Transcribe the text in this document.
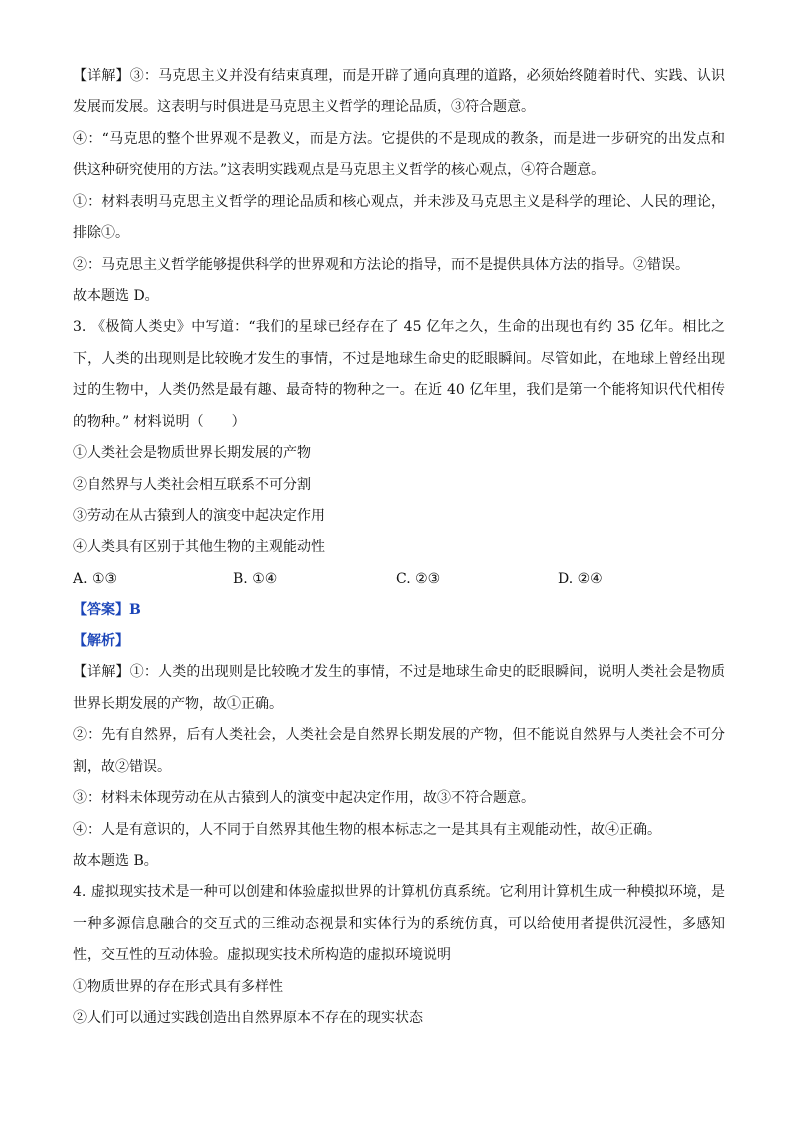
【详解】③：马克思主义并没有结束真理，而是开辟了通向真理的道路，必须始终随着时代、实践、认识
发展而发展。这表明与时俱进是马克思主义哲学的理论品质，③符合题意。
④：“马克思的整个世界观不是教义，而是方法。它提供的不是现成的教条，而是进一步研究的出发点和
供这种研究使用的方法。”这表明实践观点是马克思主义哲学的核心观点，④符合题意。
①：材料表明马克思主义哲学的理论品质和核心观点，并未涉及马克思主义是科学的理论、人民的理论，
排除①。
②：马克思主义哲学能够提供科学的世界观和方法论的指导，而不是提供具体方法的指导。②错误。
故本题选 D。
3. 《极简人类史》中写道：“我们的星球已经存在了 45 亿年之久，生命的出现也有约 35 亿年。相比之
下，人类的出现则是比较晚才发生的事情，不过是地球生命史的眨眼瞬间。尽管如此，在地球上曾经出现
过的生物中，人类仍然是最有趣、最奇特的物种之一。在近 40 亿年里，我们是第一个能将知识代代相传
的物种。” 材料说明（　　）
①人类社会是物质世界长期发展的产物
②自然界与人类社会相互联系不可分割
③劳动在从古猿到人的演变中起决定作用
④人类具有区别于其他生物的主观能动性
A. ①③	B. ①④	C. ②③	D. ②④
【答案】B
【解析】
【详解】①：人类的出现则是比较晚才发生的事情，不过是地球生命史的眨眼瞬间，说明人类社会是物质
世界长期发展的产物，故①正确。
②：先有自然界，后有人类社会，人类社会是自然界长期发展的产物，但不能说自然界与人类社会不可分
割，故②错误。
③：材料未体现劳动在从古猿到人的演变中起决定作用，故③不符合题意。
④：人是有意识的，人不同于自然界其他生物的根本标志之一是其具有主观能动性，故④正确。
故本题选 B。
4. 虚拟现实技术是一种可以创建和体验虚拟世界的计算机仿真系统。它利用计算机生成一种模拟环境，是
一种多源信息融合的交互式的三维动态视景和实体行为的系统仿真，可以给使用者提供沉浸性，多感知
性，交互性的互动体验。虚拟现实技术所构造的虚拟环境说明
①物质世界的存在形式具有多样性
②人们可以通过实践创造出自然界原本不存在的现实状态
